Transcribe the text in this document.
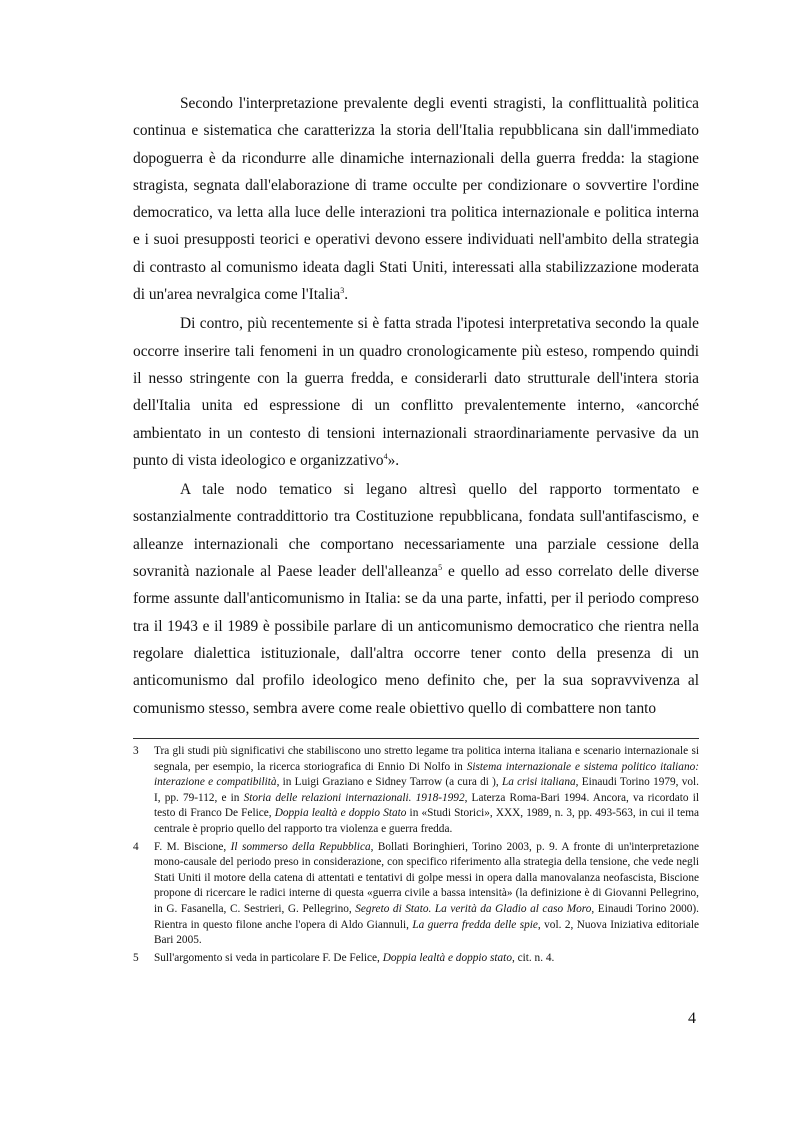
Secondo l'interpretazione prevalente degli eventi stragisti, la conflittualità politica continua e sistematica che caratterizza la storia dell'Italia repubblicana sin dall'immediato dopoguerra è da ricondurre alle dinamiche internazionali della guerra fredda: la stagione stragista, segnata dall'elaborazione di trame occulte per condizionare o sovvertire l'ordine democratico, va letta alla luce delle interazioni tra politica internazionale e politica interna e i suoi presupposti teorici e operativi devono essere individuati nell'ambito della strategia di contrasto al comunismo ideata dagli Stati Uniti, interessati alla stabilizzazione moderata di un'area nevralgica come l'Italia$^3$.

Di contro, più recentemente si è fatta strada l'ipotesi interpretativa secondo la quale occorre inserire tali fenomeni in un quadro cronologicamente più esteso, rompendo quindi il nesso stringente con la guerra fredda, e considerarli dato strutturale dell'intera storia dell'Italia unita ed espressione di un conflitto prevalentemente interno, «ancorché ambientato in un contesto di tensioni internazionali straordinariamente pervasive da un punto di vista ideologico e organizzativo$^4$».

A tale nodo tematico si legano altresì quello del rapporto tormentato e sostanzialmente contraddittorio tra Costituzione repubblicana, fondata sull'antifascismo, e alleanze internazionali che comportano necessariamente una parziale cessione della sovranità nazionale al Paese leader dell'alleanza$^5$ e quello ad esso correlato delle diverse forme assunte dall'anticomunismo in Italia: se da una parte, infatti, per il periodo compreso tra il 1943 e il 1989 è possibile parlare di un anticomunismo democratico che rientra nella regolare dialettica istituzionale, dall'altra occorre tener conto della presenza di un anticomunismo dal profilo ideologico meno definito che, per la sua sopravvivenza al comunismo stesso, sembra avere come reale obiettivo quello di combattere non tanto

3	Tra gli studi più significativi che stabiliscono uno stretto legame tra politica interna italiana e scenario internazionale si segnala, per esempio, la ricerca storiografica di Ennio Di Nolfo in Sistema internazionale e sistema politico italiano: interazione e compatibilità, in Luigi Graziano e Sidney Tarrow (a cura di ), La crisi italiana, Einaudi Torino 1979, vol. I, pp. 79-112, e in Storia delle relazioni internazionali. 1918-1992, Laterza Roma-Bari 1994. Ancora, va ricordato il testo di Franco De Felice, Doppia lealtà e doppio Stato in «Studi Storici», XXX, 1989, n. 3, pp. 493-563, in cui il tema centrale è proprio quello del rapporto tra violenza e guerra fredda.
4	F. M. Biscione, Il sommerso della Repubblica, Bollati Boringhieri, Torino 2003, p. 9. A fronte di un'interpretazione mono-causale del periodo preso in considerazione, con specifico riferimento alla strategia della tensione, che vede negli Stati Uniti il motore della catena di attentati e tentativi di golpe messi in opera dalla manovalanza neofascista, Biscione propone di ricercare le radici interne di questa «guerra civile a bassa intensità» (la definizione è di Giovanni Pellegrino, in G. Fasanella, C. Sestrieri, G. Pellegrino, Segreto di Stato. La verità da Gladio al caso Moro, Einaudi Torino 2000). Rientra in questo filone anche l'opera di Aldo Giannuli, La guerra fredda delle spie, vol. 2, Nuova Iniziativa editoriale Bari 2005.
5	Sull'argomento si veda in particolare F. De Felice, Doppia lealtà e doppio stato, cit. n. 4.
4
